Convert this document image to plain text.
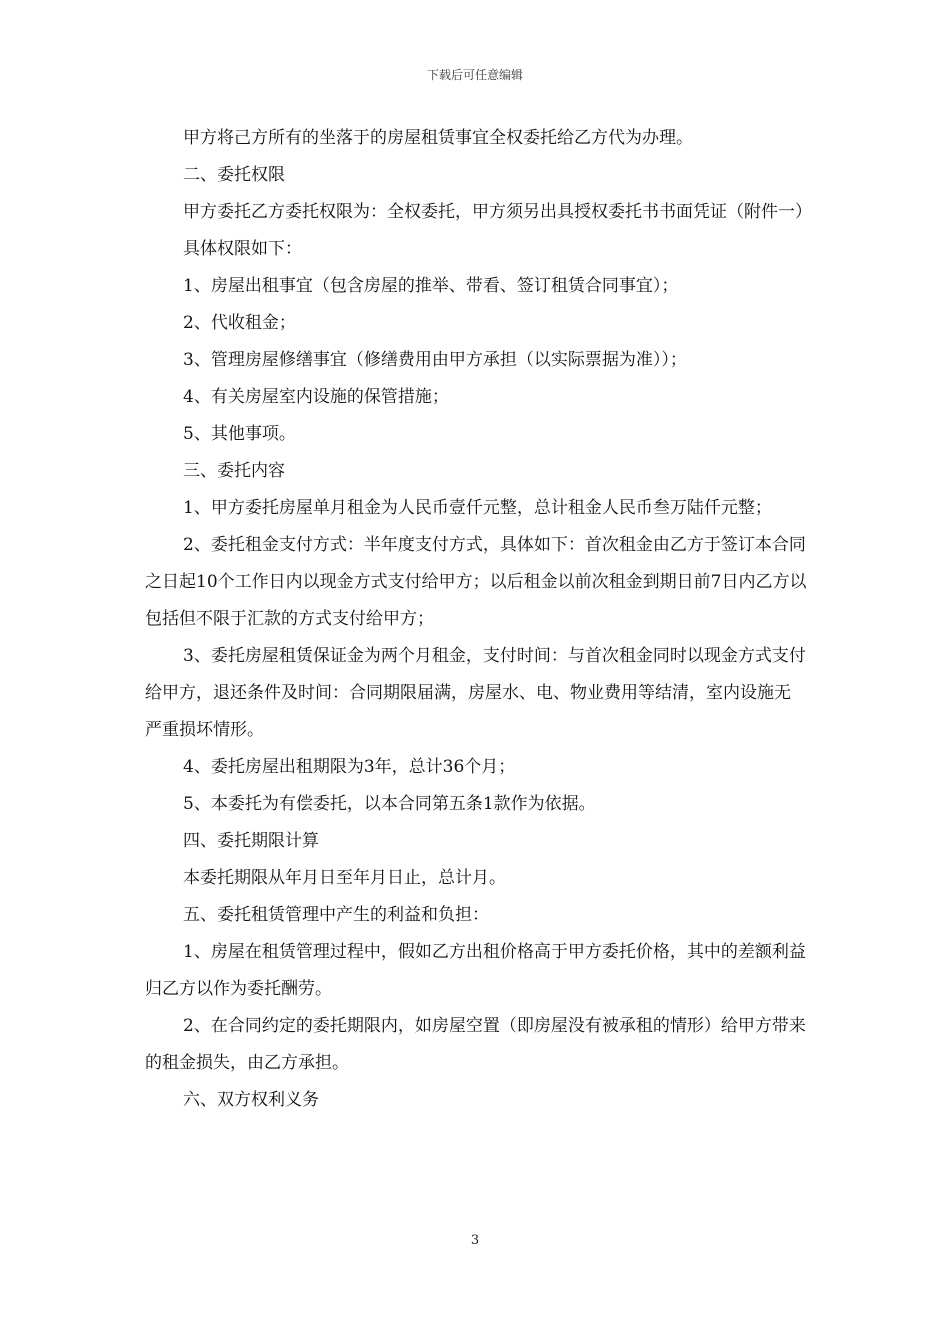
下载后可任意编辑

甲方将己方所有的坐落于的房屋租赁事宜全权委托给乙方代为办理。

二、委托权限

甲方委托乙方委托权限为：全权委托，甲方须另出具授权委托书书面凭证（附件一）

具体权限如下：

1、房屋出租事宜（包含房屋的推举、带看、签订租赁合同事宜）；

2、代收租金；

3、管理房屋修缮事宜（修缮费用由甲方承担（以实际票据为准））；

4、有关房屋室内设施的保管措施；

5、其他事项。

三、委托内容

1、甲方委托房屋单月租金为人民币壹仟元整，总计租金人民币叁万陆仟元整；

2、委托租金支付方式：半年度支付方式，具体如下：首次租金由乙方于签订本合同之日起10个工作日内以现金方式支付给甲方；以后租金以前次租金到期日前7日内乙方以包括但不限于汇款的方式支付给甲方；

3、委托房屋租赁保证金为两个月租金，支付时间：与首次租金同时以现金方式支付给甲方，退还条件及时间：合同期限届满，房屋水、电、物业费用等结清，室内设施无严重损坏情形。

4、委托房屋出租期限为3年，总计36个月；

5、本委托为有偿委托，以本合同第五条1款作为依据。

四、委托期限计算

本委托期限从年月日至年月日止，总计月。

五、委托租赁管理中产生的利益和负担：

1、房屋在租赁管理过程中，假如乙方出租价格高于甲方委托价格，其中的差额利益归乙方以作为委托酬劳。

2、在合同约定的委托期限内，如房屋空置（即房屋没有被承租的情形）给甲方带来的租金损失，由乙方承担。

六、双方权利义务

3
